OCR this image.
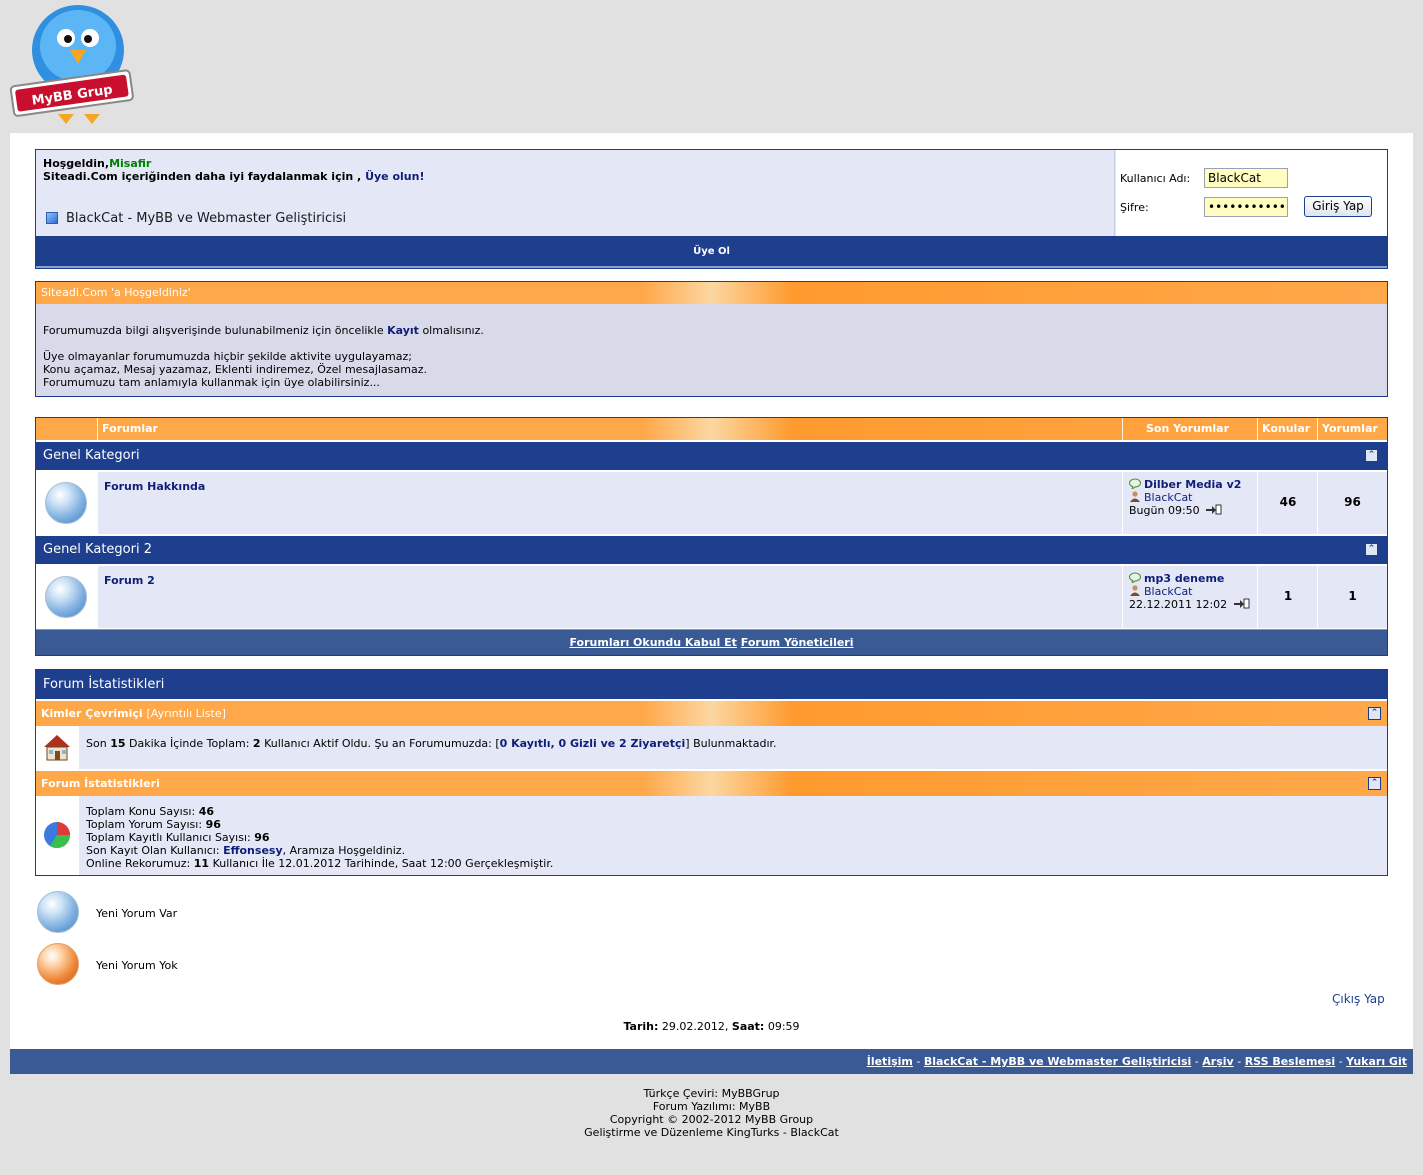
MyBB Grup
Hoşgeldin,Misafir
Siteadi.Com içeriğinden daha iyi faydalanmak için , Üye olun!
BlackCat - MyBB ve Webmaster Geliştiricisi
Kullanıcı Adı:
BlackCat
Şifre:	Giriş Yap
Üye Ol
Siteadi.Com 'a Hoşgeldiniz'
Forumumuzda bilgi alışverişinde bulunabilmeniz için öncelikle Kayıt olmalısınız.

Üye olmayanlar forumumuzda hiçbir şekilde aktivite uygulayamaz;
Konu açamaz, Mesaj yazamaz, Eklenti indiremez, Özel mesajlasamaz.
Forumumuzu tam anlamıyla kullanmak için üye olabilirsiniz...
Forumlar	Son Yorumlar	Konular Yorumlar
Genel Kategori	⌃
Forum Hakkında	Dilber Media v2
BlackCat
Bugün 09:50
46	96
Genel Kategori 2	⌃
Forum 2	mp3 deneme
BlackCat
22.12.2011 12:02
1	1
Forumları Okundu Kabul Et Forum Yöneticileri
Forum İstatistikleri
Kimler Çevrimiçi [Ayrıntılı Liste]	⌃
Son 15 Dakika İçinde Toplam: 2 Kullanıcı Aktif Oldu. Şu an Forumumuzda: [0 Kayıtlı, 0 Gizli ve 2 Ziyaretçi] Bulunmaktadır.
Forum İstatistikleri	⌃
Toplam Konu Sayısı: 46
Toplam Yorum Sayısı: 96
Toplam Kayıtlı Kullanıcı Sayısı: 96
Son Kayıt Olan Kullanıcı: Effonsesy, Aramıza Hoşgeldiniz.
Online Rekorumuz: 11 Kullanıcı İle 12.01.2012 Tarihinde, Saat 12:00 Gerçekleşmiştir.
Yeni Yorum Var
Yeni Yorum Yok
Çıkış Yap
Tarih: 29.02.2012, Saat: 09:59
İletişim - BlackCat - MyBB ve Webmaster Geliştiricisi - Arşiv - RSS Beslemesi - Yukarı Git
Türkçe Çeviri: MyBBGrup
Forum Yazılımı: MyBB
Copyright © 2002-2012 MyBB Group
Geliştirme ve Düzenleme KingTurks - BlackCat
